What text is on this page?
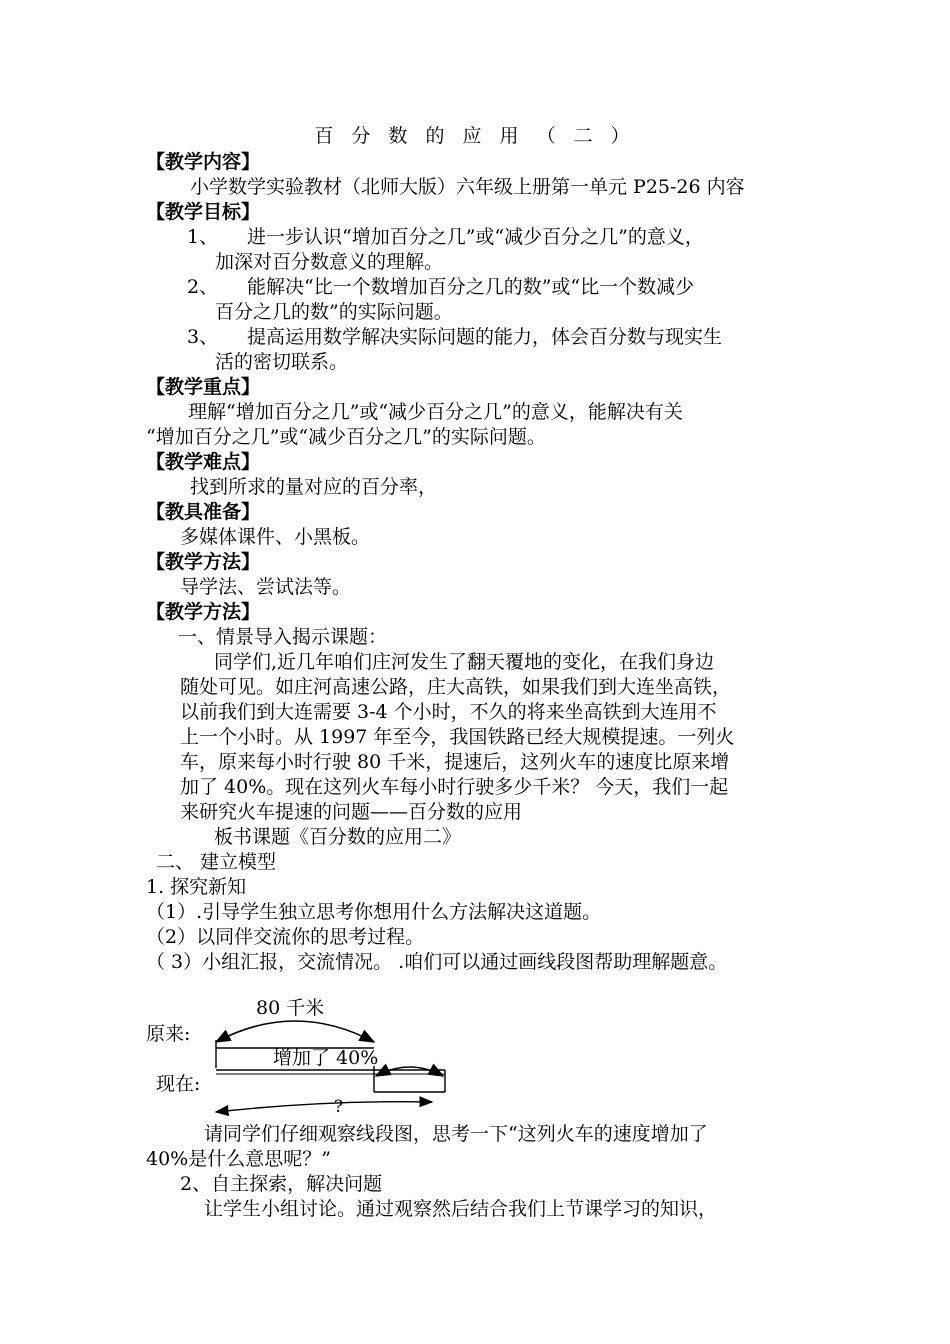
百 分 数 的 应 用 （ 二 ）
【教学内容】
小学数学实验教材（北师大版）六年级上册第一单元 P25-26 内容
【教学目标】
1、 进一步认识“增加百分之几”或“减少百分之几”的意义，
加深对百分数意义的理解。
2、 能解决“比一个数增加百分之几的数”或“比一个数减少
百分之几的数”的实际问题。
3、 提高运用数学解决实际问题的能力，体会百分数与现实生
活的密切联系。
【教学重点】
理解“增加百分之几”或“减少百分之几”的意义，能解决有关
“增加百分之几”或“减少百分之几”的实际问题。
【教学难点】
找到所求的量对应的百分率，
【教具准备】
多媒体课件、小黑板。
【教学方法】
导学法、尝试法等。
【教学方法】
一、情景导入揭示课题：
同学们,近几年咱们庄河发生了翻天覆地的变化，在我们身边
随处可见。如庄河高速公路，庄大高铁，如果我们到大连坐高铁，
以前我们到大连需要 3-4 个小时，不久的将来坐高铁到大连用不
上一个小时。从 1997 年至今，我国铁路已经大规模提速。一列火
车，原来每小时行驶 80 千米，提速后，这列火车的速度比原来增
加了 40%。现在这列火车每小时行驶多少千米？ 今天，我们一起
来研究火车提速的问题——百分数的应用
板书课题《百分数的应用二》
二、 建立模型
1. 探究新知
（1）.引导学生独立思考你想用什么方法解决这道题。
（2）以同伴交流你的思考过程。
（ 3）小组汇报，交流情况。 .咱们可以通过画线段图帮助理解题意。
80 千米
原来:
增加了 40%
现在:
?
请同学们仔细观察线段图，思考一下“这列火车的速度增加了
40%是什么意思呢？”
2、自主探索，解决问题
让学生小组讨论。通过观察然后结合我们上节课学习的知识，
